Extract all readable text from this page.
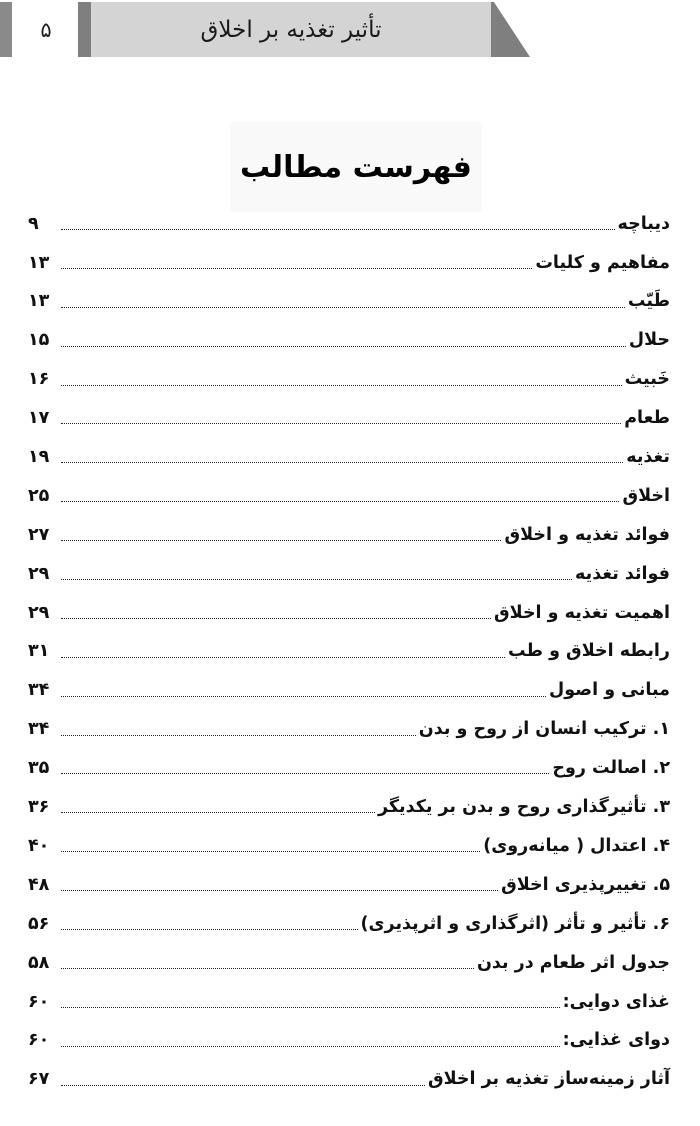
۵	تأثیر تغذیه بر اخلاق
فهرست مطالب
دیباچه
۹
مفاهیم و کلیات
۱۳
طَیّب
۱۳
حلال
۱۵
خَبیث
۱۶
طعام
۱۷
تغذیه
۱۹
اخلاق
۲۵
فوائد تغذیه و اخلاق
۲۷
فوائد تغذیه
۲۹
اهمیت تغذیه و اخلاق
۲۹
رابطه اخلاق و طب
۳۱
مبانی و اصول
۳۴
۱. ترکیب انسان از روح و بدن
۳۴
۲. اصالت روح
۳۵
۳. تأثیرگذاری روح و بدن بر یکدیگر
۳۶
۴. اعتدال ( میانه‌روی)
۴۰
۵. تغییرپذیری اخلاق
۴۸
۶. تأثیر و تأثر (اثرگذاری و اثرپذیری)
۵۶
جدول اثر طعام در بدن
۵۸
غذای دوایی:
۶۰
دوای غذایی:
۶۰
آثار زمینه‌ساز تغذیه بر اخلاق
۶۷
